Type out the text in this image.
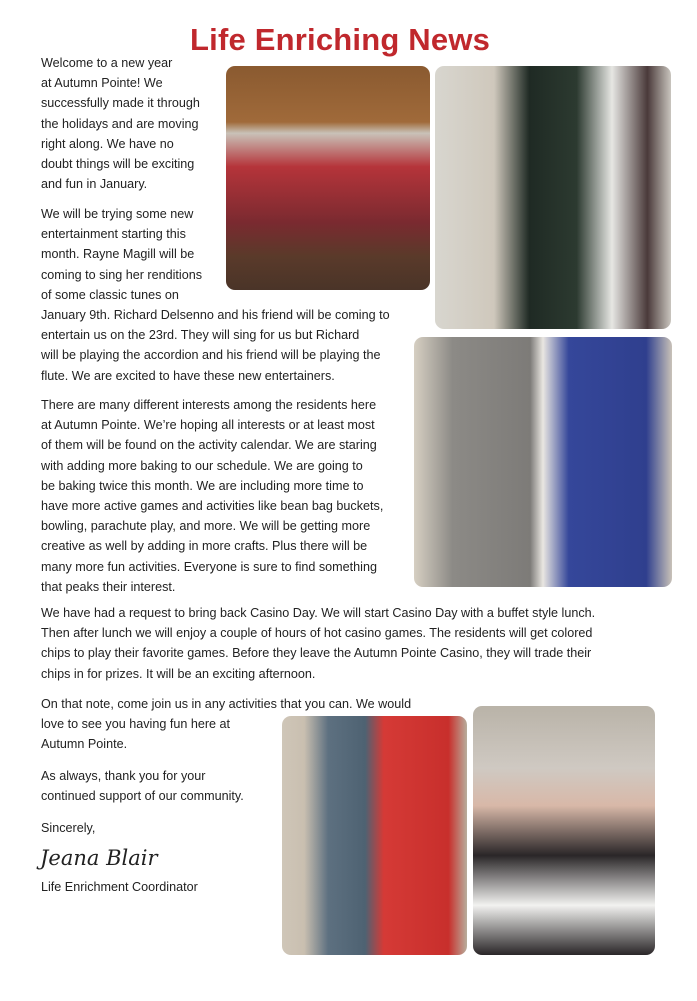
Life Enriching News
Welcome to a new year
at Autumn Pointe! We
successfully made it through
the holidays and are moving
right along. We have no
doubt things will be exciting
and fun in January.
We will be trying some new
entertainment starting this
month. Rayne Magill will be
coming to sing her renditions
of some classic tunes on
January 9th. Richard Delsenno and his friend will be coming to
entertain us on the 23rd. They will sing for us but Richard
will be playing the accordion and his friend will be playing the
flute. We are excited to have these new entertainers.
There are many different interests among the residents here
at Autumn Pointe. We’re hoping all interests or at least most
of them will be found on the activity calendar. We are staring
with adding more baking to our schedule. We are going to
be baking twice this month. We are including more time to
have more active games and activities like bean bag buckets,
bowling, parachute play, and more. We will be getting more
creative as well by adding in more crafts. Plus there will be
many more fun activities. Everyone is sure to find something
that peaks their interest.
We have had a request to bring back Casino Day. We will start Casino Day with a buffet style lunch.
Then after lunch we will enjoy a couple of hours of hot casino games. The residents will get colored
chips to play their favorite games. Before they leave the Autumn Pointe Casino, they will trade their
chips in for prizes. It will be an exciting afternoon.
On that note, come join us in any activities that you can. We would
love to see you having fun here at
Autumn Pointe.
As always, thank you for your
continued support of our community.
Sincerely,
Jeana Blair
Life Enrichment Coordinator
